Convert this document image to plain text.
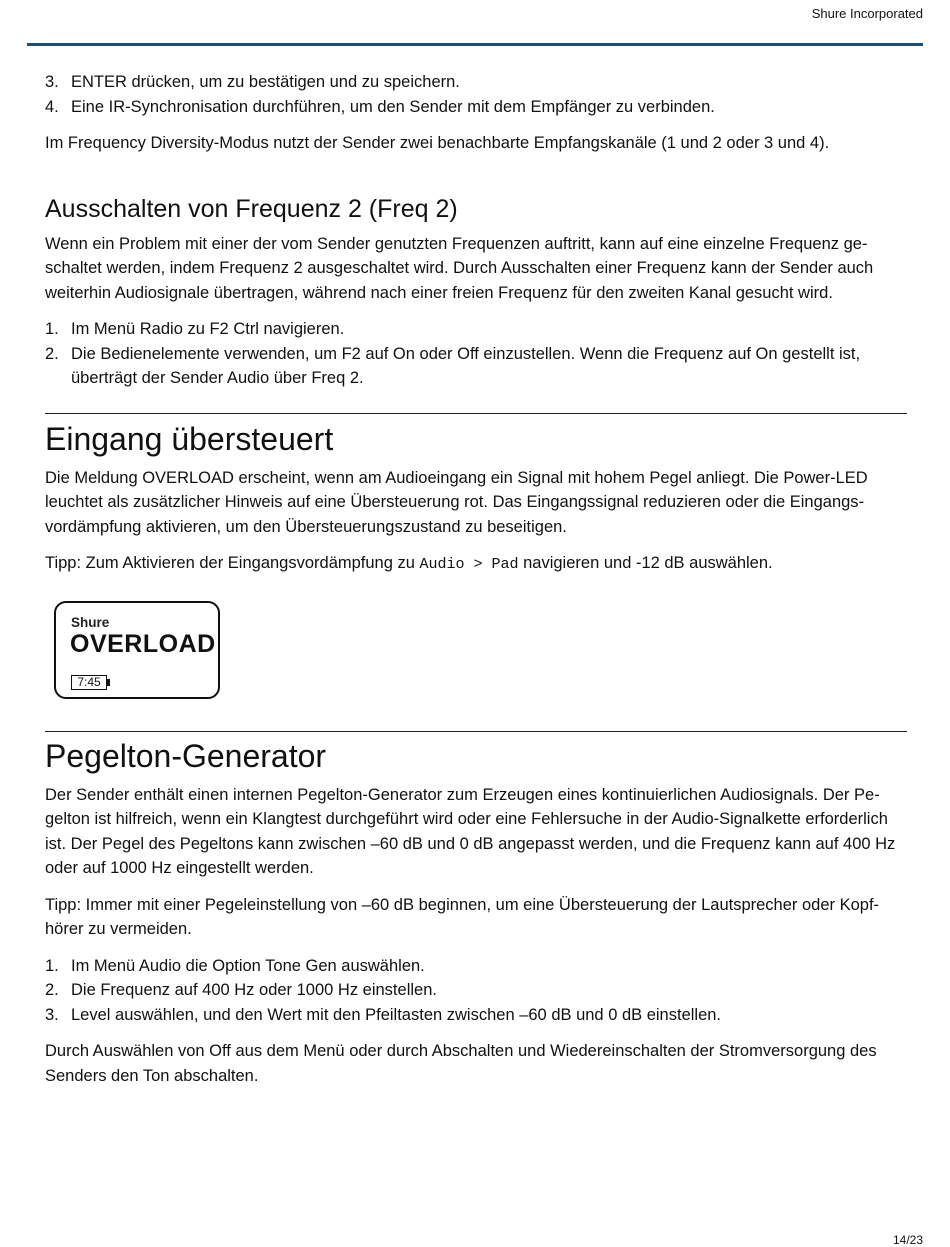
Shure Incorporated
3. ENTER drücken, um zu bestätigen und zu speichern.
4. Eine IR-Synchronisation durchführen, um den Sender mit dem Empfänger zu verbinden.

Im Frequency Diversity-Modus nutzt der Sender zwei benachbarte Empfangskanäle (1 und 2 oder 3 und 4).

Ausschalten von Frequenz 2 (Freq 2)

Wenn ein Problem mit einer der vom Sender genutzten Frequenzen auftritt, kann auf eine einzelne Frequenz geschaltet werden, indem Frequenz 2 ausgeschaltet wird. Durch Ausschalten einer Frequenz kann der Sender auch weiterhin Audiosignale übertragen, während nach einer freien Frequenz für den zweiten Kanal gesucht wird.

1. Im Menü Radio zu F2 Ctrl navigieren.
2. Die Bedienelemente verwenden, um F2 auf On oder Off einzustellen. Wenn die Frequenz auf On gestellt ist, überträgt der Sender Audio über Freq 2.
Eingang übersteuert

Die Meldung OVERLOAD erscheint, wenn am Audioeingang ein Signal mit hohem Pegel anliegt. Die Power-LED leuchtet als zusätzlicher Hinweis auf eine Übersteuerung rot. Das Eingangssignal reduzieren oder die Eingangsvordämpfung aktivieren, um den Übersteuerungszustand zu beseitigen.

Tipp: Zum Aktivieren der Eingangsvordämpfung zu Audio > Pad navigieren und -12 dB auswählen.

Shure
OVERLOAD
7:45
Pegelton-Generator

Der Sender enthält einen internen Pegelton-Generator zum Erzeugen eines kontinuierlichen Audiosignals. Der Pegelton ist hilfreich, wenn ein Klangtest durchgeführt wird oder eine Fehlersuche in der Audio-Signalkette erforderlich ist. Der Pegel des Pegeltons kann zwischen –60 dB und 0 dB angepasst werden, und die Frequenz kann auf 400 Hz oder auf 1000 Hz eingestellt werden.

Tipp: Immer mit einer Pegeleinstellung von –60 dB beginnen, um eine Übersteuerung der Lautsprecher oder Kopfhörer zu vermeiden.

1. Im Menü Audio die Option Tone Gen auswählen.
2. Die Frequenz auf 400 Hz oder 1000 Hz einstellen.
3. Level auswählen, und den Wert mit den Pfeiltasten zwischen –60 dB und 0 dB einstellen.

Durch Auswählen von Off aus dem Menü oder durch Abschalten und Wiedereinschalten der Stromversorgung des Senders den Ton abschalten.

14/23
